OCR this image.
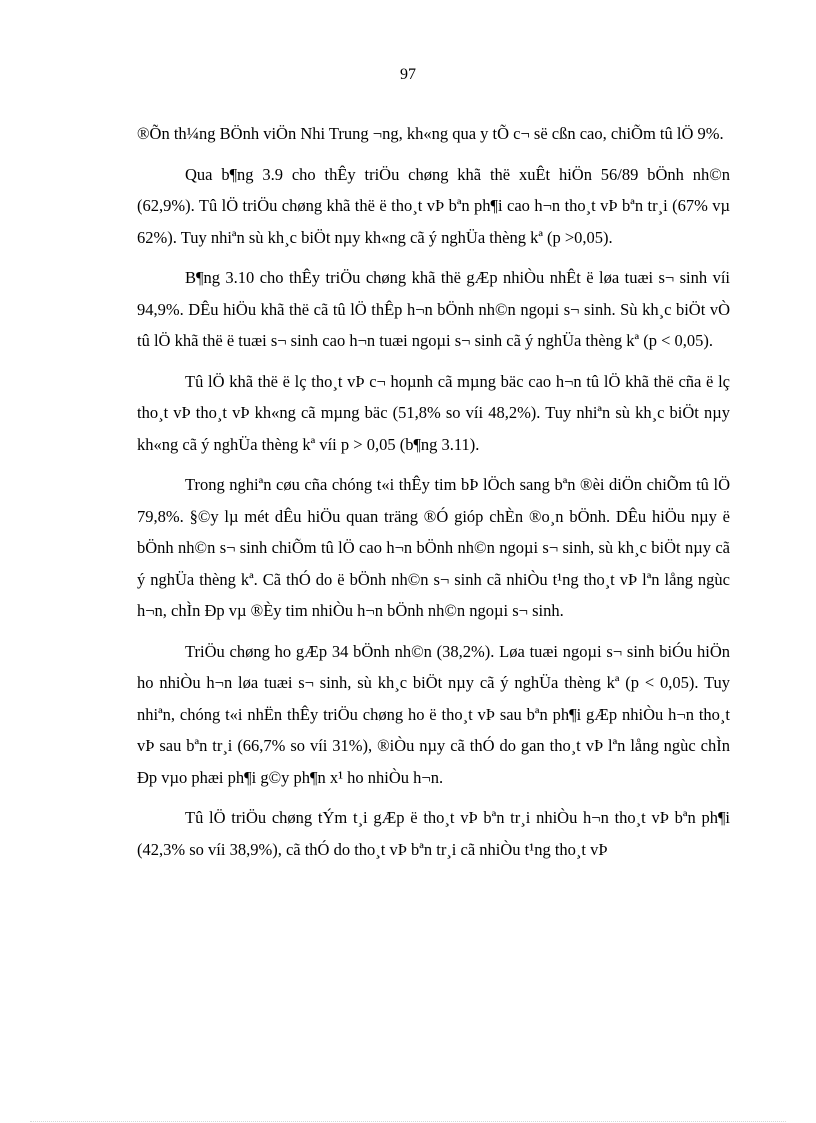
97

®Õn th¼ng BÖnh viÖn Nhi Trung ¬ng, kh«ng qua y tÕ c¬ së cßn cao, chiÕm tû lÖ 9%.

Qua b¶ng 3.9 cho thÊy triÖu chøng khã thë xuÊt hiÖn 56/89 bÖnh nh©n (62,9%). Tû lÖ triÖu chøng khã thë ë tho¸t vÞ bªn ph¶i cao h¬n tho¸t vÞ bªn tr¸i (67% vµ 62%). Tuy nhiªn sù kh¸c biÖt nµy kh«ng cã ý nghÜa thèng kª (p >0,05).

B¶ng 3.10 cho thÊy triÖu chøng khã thë gÆp nhiÒu nhÊt ë løa tuæi s¬ sinh víi 94,9%. DÊu hiÖu khã thë cã tû lÖ thÊp h¬n bÖnh nh©n ngoµi s¬ sinh. Sù kh¸c biÖt vÒ tû lÖ khã thë ë tuæi s¬ sinh cao h¬n tuæi ngoµi s¬ sinh cã ý nghÜa thèng kª (p < 0,05).

Tû lÖ khã thë ë lç tho¸t vÞ c¬ hoµnh cã mµng bäc cao h¬n tû lÖ khã thë cña ë lç tho¸t vÞ tho¸t vÞ kh«ng cã mµng bäc (51,8% so víi 48,2%). Tuy nhiªn sù kh¸c biÖt nµy kh«ng cã ý nghÜa thèng kª víi p > 0,05 (b¶ng 3.11).

Trong nghiªn cøu cña chóng t«i thÊy tim bÞ lÖch sang bªn ®èi diÖn chiÕm tû lÖ 79,8%. §©y lµ mét dÊu hiÖu quan träng ®Ó gióp chÈn ®o¸n bÖnh. DÊu hiÖu nµy ë bÖnh nh©n s¬ sinh chiÕm tû lÖ cao h¬n bÖnh nh©n ngoµi s¬ sinh, sù kh¸c biÖt nµy cã ý nghÜa thèng kª. Cã thÓ do ë bÖnh nh©n s¬ sinh cã nhiÒu t¹ng tho¸t vÞ lªn lång ngùc h¬n, chÌn Ðp vµ ®Èy tim nhiÒu h¬n bÖnh nh©n ngoµi s¬ sinh.

TriÖu chøng ho gÆp 34 bÖnh nh©n (38,2%). Løa tuæi ngoµi s¬ sinh biÓu hiÖn ho nhiÒu h¬n løa tuæi s¬ sinh, sù kh¸c biÖt nµy cã ý nghÜa thèng kª (p < 0,05). Tuy nhiªn, chóng t«i nhËn thÊy triÖu chøng ho ë tho¸t vÞ sau bªn ph¶i gÆp nhiÒu h¬n tho¸t vÞ sau bªn tr¸i (66,7% so víi 31%), ®iÒu nµy cã thÓ do gan tho¸t vÞ lªn lång ngùc chÌn Ðp vµo phæi ph¶i g©y ph¶n x¹ ho nhiÒu h¬n.

Tû lÖ triÖu chøng tÝm t¸i gÆp ë tho¸t vÞ bªn tr¸i nhiÒu h¬n tho¸t vÞ bªn ph¶i (42,3% so víi 38,9%), cã thÓ do tho¸t vÞ bªn tr¸i cã nhiÒu t¹ng tho¸t vÞ
